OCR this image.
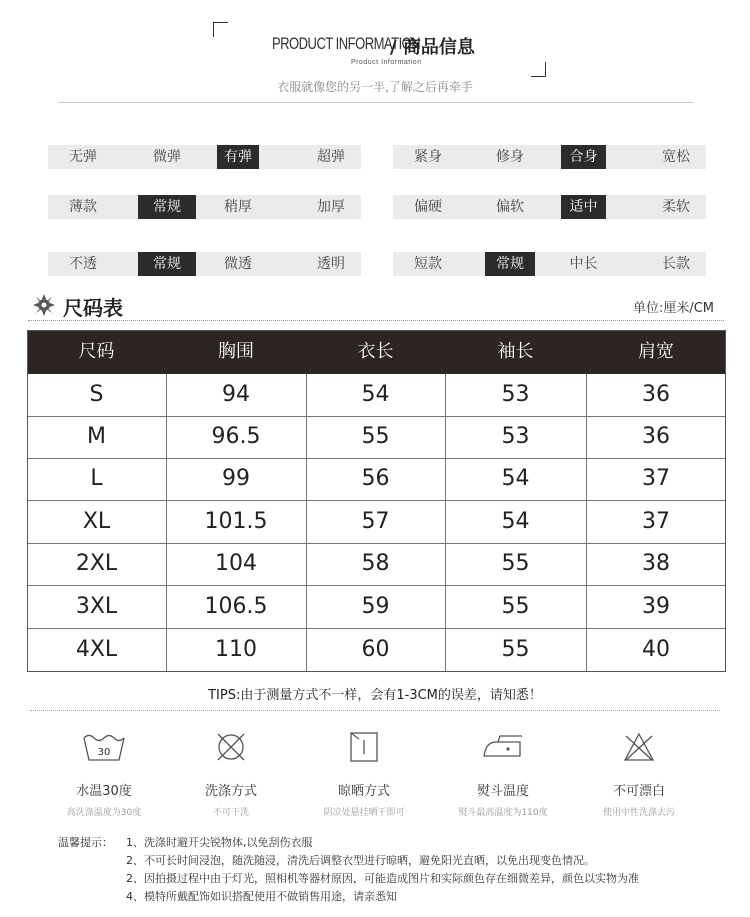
PRODUCT INFORMATION
/ 商品信息
Product Information
衣服就像您的另一半,了解之后再牵手
无弹	微弹	有弹	超弹	紧身	修身	合身	宽松
薄款	常规	稍厚	加厚	偏硬	偏软	适中	柔软
不透	常规	微透	透明	短款	常规	中长	长款
尺码表	单位:厘米/CM
尺码	胸围	衣长	袖长	肩宽
S	94	54	53	36
M	96.5	55	53	36
L	99	56	54	37
XL	101.5	57	54	37
2XL	104	58	55	38
3XL	106.5	59	55	39
4XL	110	60	55	40
TIPS:由于测量方式不一样，会有1-3CM的误差，请知悉！
30
水温30度
高洗涤温度为30度
洗涤方式
不可干洗
晾晒方式
阴凉处悬挂晒干即可
熨斗温度
熨斗最高温度为110度
不可漂白
使用中性洗涤去污
温馨提示： 1、洗涤时避开尖锐物体,以免刮伤衣服
2、不可长时间浸泡，随洗随浸，清洗后调整衣型进行晾晒，避免阳光直晒，以免出现变色情况。
2、因拍摄过程中由于灯光，照相机等器材原因，可能造成图片和实际颜色存在细微差异，颜色以实物为准
4、模特所戴配饰如识搭配使用不做销售用途，请亲悉知
